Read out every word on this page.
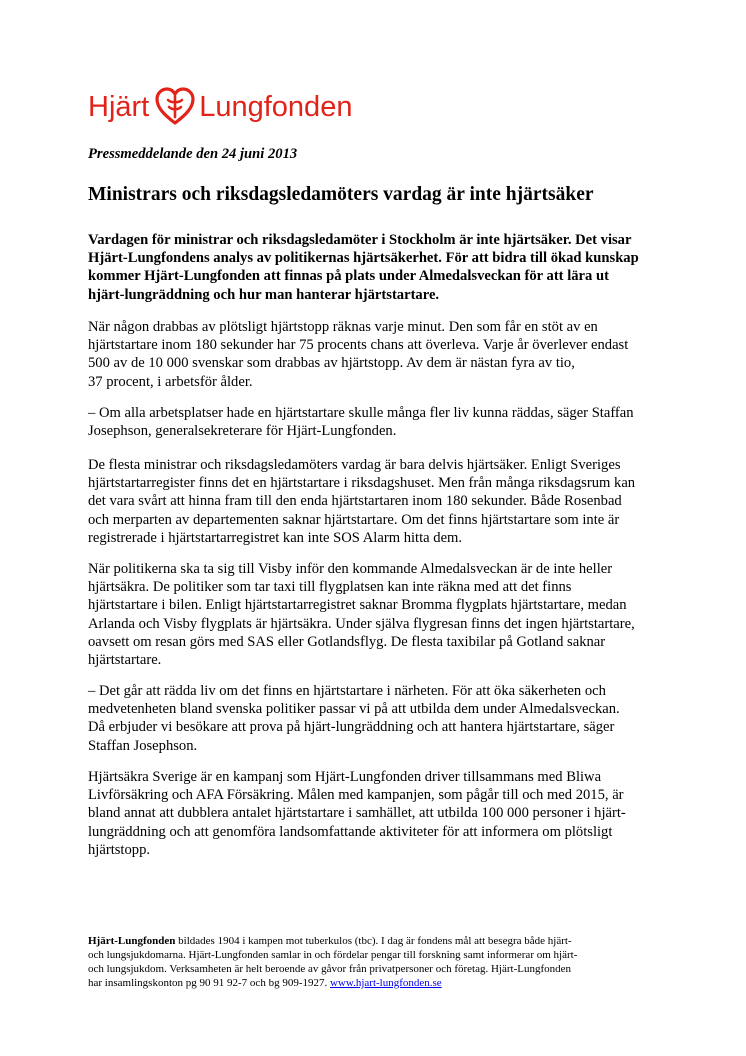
Hjärt Lungfonden
Pressmeddelande den 24 juni 2013
Ministrars och riksdagsledamöters vardag är inte hjärtsäker

Vardagen för ministrar och riksdagsledamöter i Stockholm är inte hjärtsäker. Det visar
Hjärt-Lungfondens analys av politikernas hjärtsäkerhet. För att bidra till ökad kunskap
kommer Hjärt-Lungfonden att finnas på plats under Almedalsveckan för att lära ut
hjärt-lungräddning och hur man hanterar hjärtstartare.

När någon drabbas av plötsligt hjärtstopp räknas varje minut. Den som får en stöt av en
hjärtstartare inom 180 sekunder har 75 procents chans att överleva. Varje år överlever endast
500 av de 10 000 svenskar som drabbas av hjärtstopp. Av dem är nästan fyra av tio,
37 procent, i arbetsför ålder.

– Om alla arbetsplatser hade en hjärtstartare skulle många fler liv kunna räddas, säger Staffan
Josephson, generalsekreterare för Hjärt-Lungfonden.

De flesta ministrar och riksdagsledamöters vardag är bara delvis hjärtsäker. Enligt Sveriges
hjärtstartarregister finns det en hjärtstartare i riksdagshuset. Men från många riksdagsrum kan
det vara svårt att hinna fram till den enda hjärtstartaren inom 180 sekunder. Både Rosenbad
och merparten av departementen saknar hjärtstartare. Om det finns hjärtstartare som inte är
registrerade i hjärtstartarregistret kan inte SOS Alarm hitta dem.

När politikerna ska ta sig till Visby inför den kommande Almedalsveckan är de inte heller
hjärtsäkra. De politiker som tar taxi till flygplatsen kan inte räkna med att det finns
hjärtstartare i bilen. Enligt hjärtstartarregistret saknar Bromma flygplats hjärtstartare, medan
Arlanda och Visby flygplats är hjärtsäkra. Under själva flygresan finns det ingen hjärtstartare,
oavsett om resan görs med SAS eller Gotlandsflyg. De flesta taxibilar på Gotland saknar
hjärtstartare.

– Det går att rädda liv om det finns en hjärtstartare i närheten. För att öka säkerheten och
medvetenheten bland svenska politiker passar vi på att utbilda dem under Almedalsveckan.
Då erbjuder vi besökare att prova på hjärt-lungräddning och att hantera hjärtstartare, säger
Staffan Josephson.

Hjärtsäkra Sverige är en kampanj som Hjärt-Lungfonden driver tillsammans med Bliwa
Livförsäkring och AFA Försäkring. Målen med kampanjen, som pågår till och med 2015, är
bland annat att dubblera antalet hjärtstartare i samhället, att utbilda 100 000 personer i hjärt-
lungräddning och att genomföra landsomfattande aktiviteter för att informera om plötsligt
hjärtstopp.

Hjärt-Lungfonden bildades 1904 i kampen mot tuberkulos (tbc). I dag är fondens mål att besegra både hjärt-
och lungsjukdomarna. Hjärt-Lungfonden samlar in och fördelar pengar till forskning samt informerar om hjärt-
och lungsjukdom. Verksamheten är helt beroende av gåvor från privatpersoner och företag. Hjärt-Lungfonden
har insamlingskonton pg 90 91 92-7 och bg 909-1927. www.hjart-lungfonden.se
